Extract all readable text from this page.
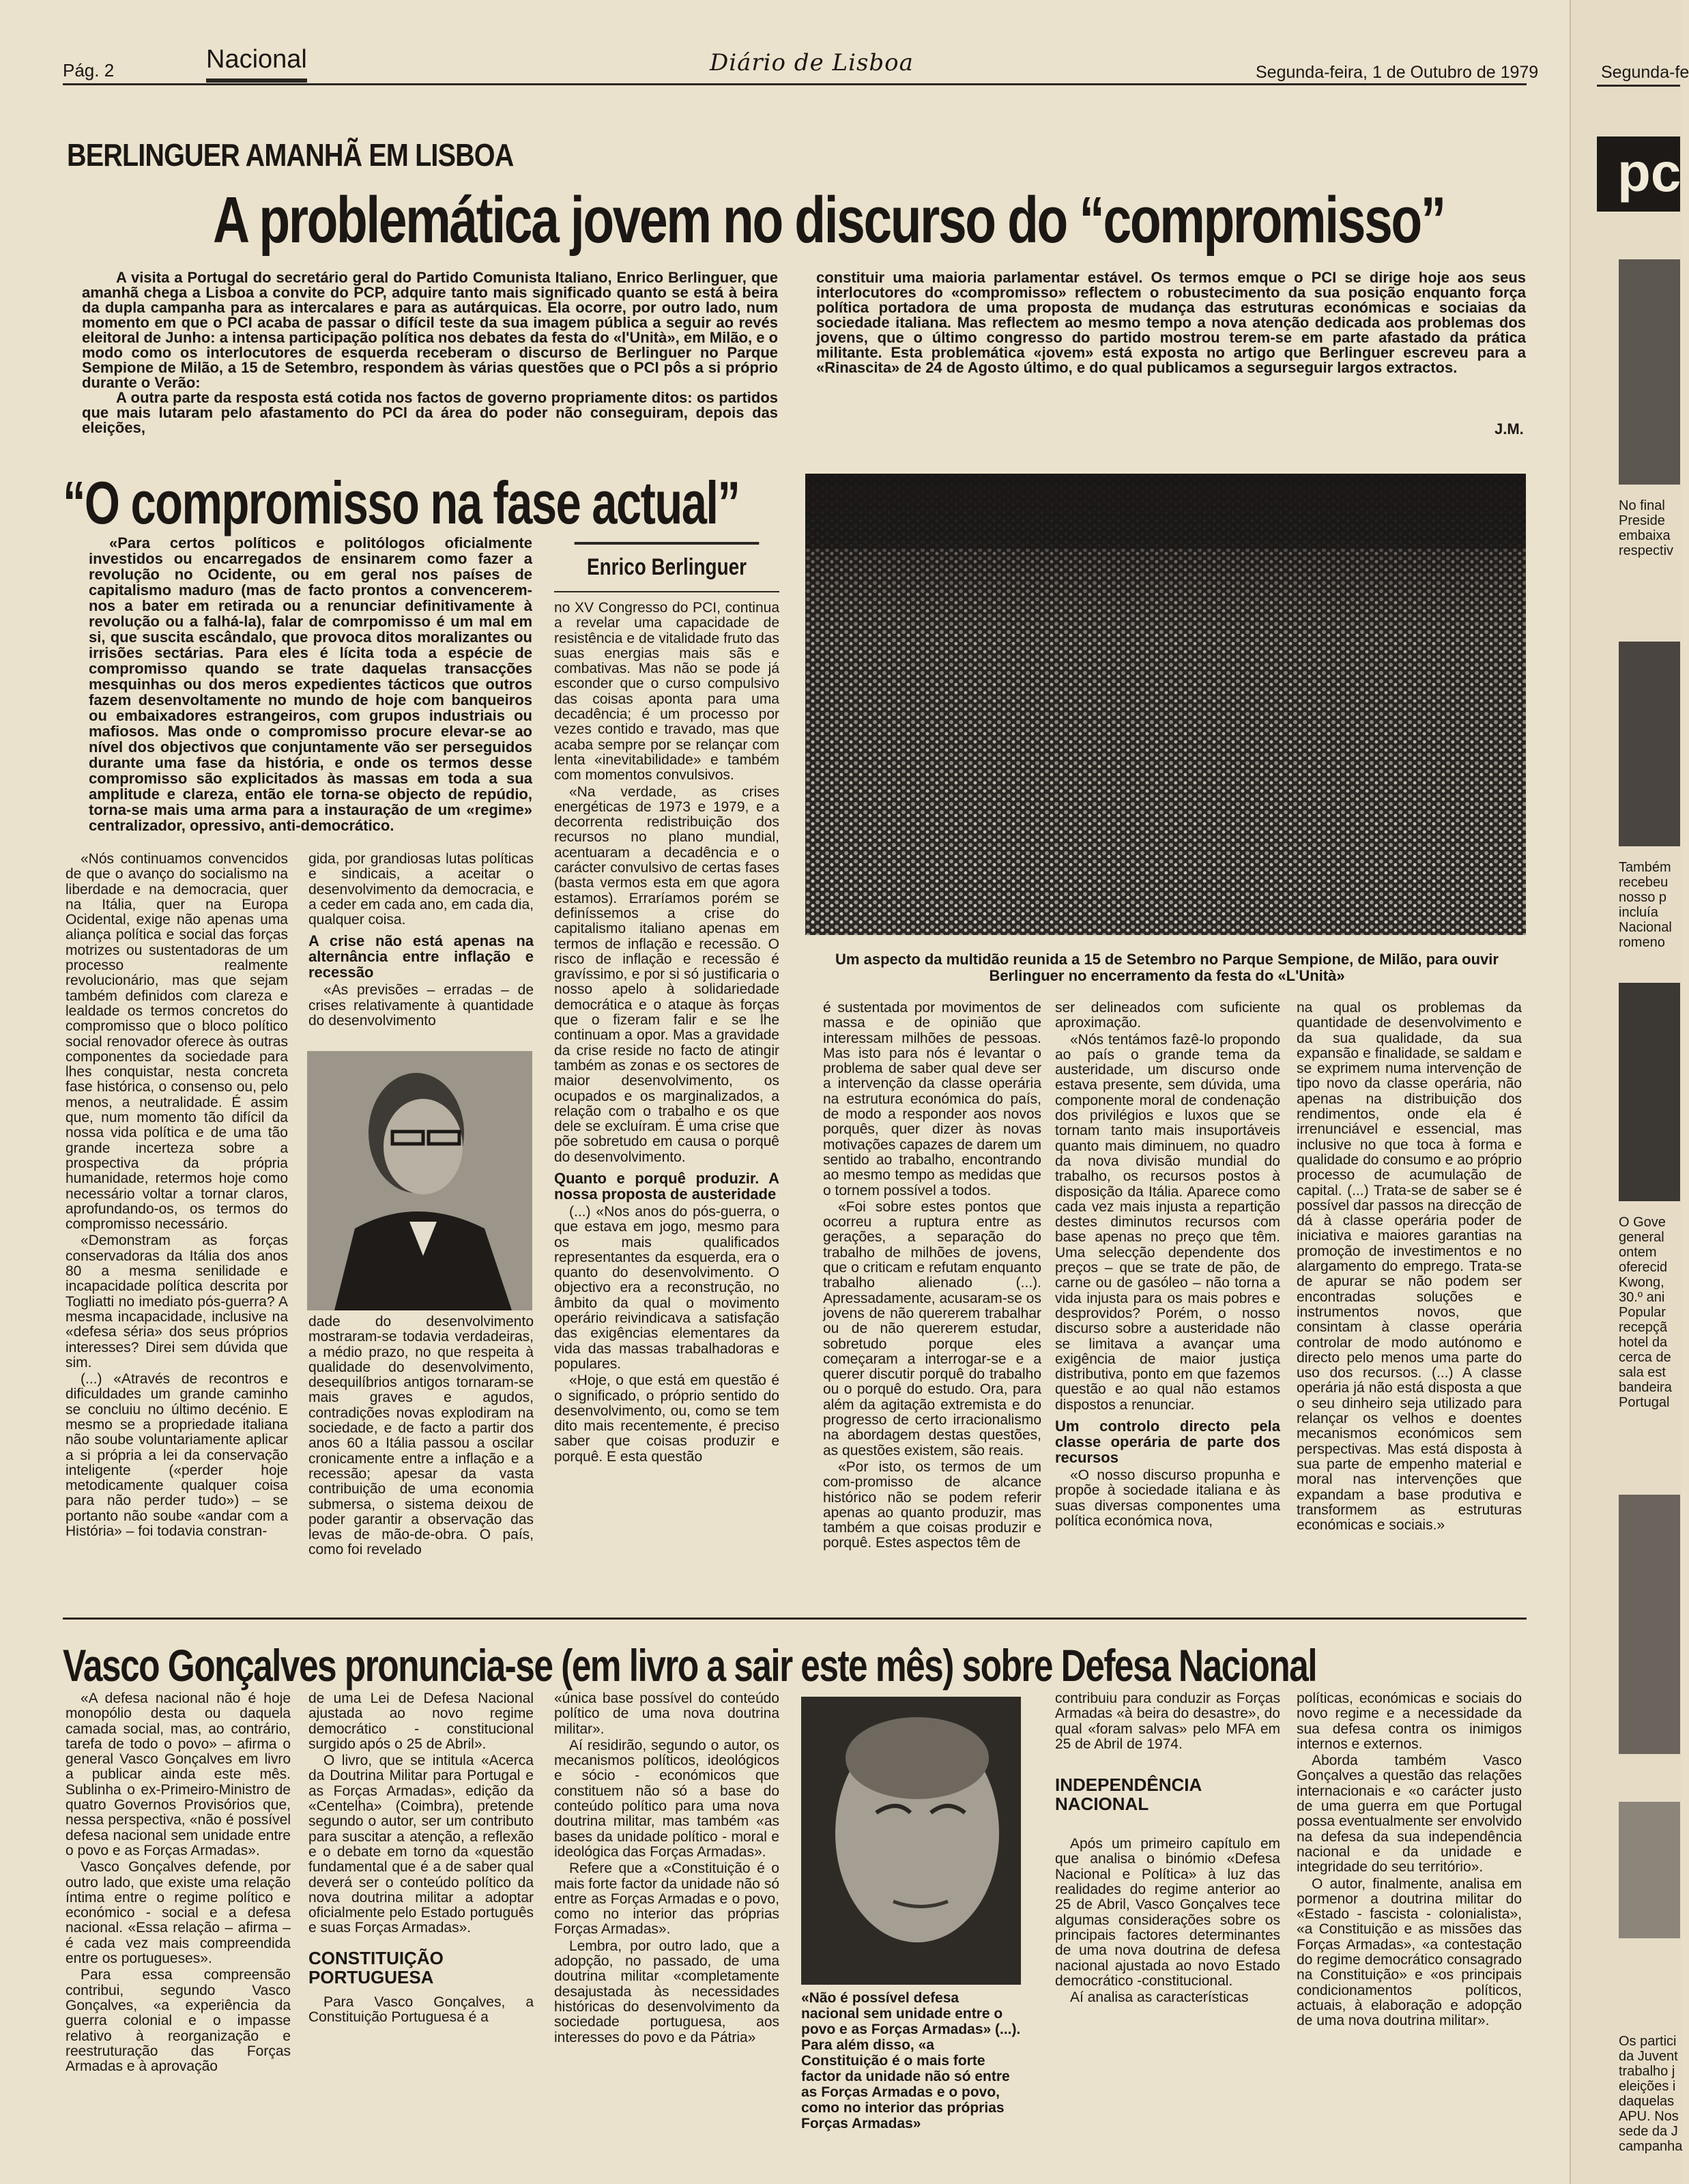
Pág. 2	Nacional	Diário de Lisboa	Segunda-feira, 1 de Outubro de 1979	Segunda-fe
pc
No final Preside embaixa respectiv
Também recebeu nosso p incluía Nacional romeno
O Gove general ontem oferecid Kwong, 30.º ani Popular recepçã hotel da cerca de sala est bandeira Portugal
Os partici da Juvent trabalho j eleições i daquelas APU. Nos sede da J campanha
BERLINGUER AMANHÃ EM LISBOA
A problemática jovem no discurso do “compromisso”
A visita a Portugal do secretário geral do Partido Comunista Italiano, Enrico Berlinguer, que amanhã chega a Lisboa a convite do PCP, adquire tanto mais significado quanto se está à beira da dupla campanha para as intercalares e para as autárquicas. Ela ocorre, por outro lado, num momento em que o PCI acaba de passar o difícil teste da sua imagem pública a seguir ao revés eleitoral de Junho: a intensa participação política nos debates da festa do «l'Unità», em Milão, e o modo como os interlocutores de esquerda receberam o discurso de Berlinguer no Parque Sempione de Milão, a 15 de Setembro, respondem às várias questões que o PCI pôs a si próprio durante o Verão:
A outra parte da resposta está cotida nos factos de governo propriamente ditos: os partidos que mais lutaram pelo afastamento do PCI da área do poder não conseguiram, depois das eleições,
constituir uma maioria parlamentar estável. Os termos emque o PCI se dirige hoje aos seus interlocutores do «compromisso» reflectem o robustecimento da sua posição enquanto força política portadora de uma proposta de mudança das estruturas económicas e sociaias da sociedade italiana. Mas reflectem ao mesmo tempo a nova atenção dedicada aos problemas dos jovens, que o último congresso do partido mostrou terem-se em parte afastado da prática militante. Esta problemática «jovem» está exposta no artigo que Berlinguer escreveu para a «Rinascita» de 24 de Agosto último, e do qual publicamos a segurseguir largos extractos.
J.M.
“O compromisso na fase actual”
Enrico Berlinguer
«Para certos políticos e politólogos oficialmente investidos ou encarregados de ensinarem como fazer a revolução no Ocidente, ou em geral nos países de capitalismo maduro (mas de facto prontos a convencerem-nos a bater em retirada ou a renunciar definitivamente à revolução ou a falhá-la), falar de comrpomisso é um mal em si, que suscita escândalo, que provoca ditos moralizantes ou irrisões sectárias. Para eles é lícita toda a espécie de compromisso quando se trate daquelas transacções mesquinhas ou dos meros expedientes tácticos que outros fazem desenvoltamente no mundo de hoje com banqueiros ou embaixadores estrangeiros, com grupos industriais ou mafiosos. Mas onde o compromisso procure elevar-se ao nível dos objectivos que conjuntamente vão ser perseguidos durante uma fase da história, e onde os termos desse compromisso são explicitados às massas em toda a sua amplitude e clareza, então ele torna-se objecto de repúdio, torna-se mais uma arma para a instauração de um «regime» centralizador, opressivo, anti-democrático.

«Nós continuamos convencidos de que o avanço do socialismo na liberdade e na democracia, quer na Itália, quer na Europa Ocidental, exige não apenas uma aliança política e social das forças motrizes ou sustentadoras de um processo realmente revolucionário, mas que sejam também definidos com clareza e lealdade os termos concretos do compromisso que o bloco político social renovador oferece às outras componentes da sociedade para lhes conquistar, nesta concreta fase histórica, o consenso ou, pelo menos, a neutralidade. É assim que, num momento tão difícil da nossa vida política e de uma tão grande incerteza sobre a prospectiva da própria humanidade, retermos hoje como necessário voltar a tornar claros, aprofundando-os, os termos do compromisso necessário.

«Demonstram as forças conservadoras da Itália dos anos 80 a mesma senilidade e incapacidade política descrita por Togliatti no imediato pós-guerra? A mesma incapacidade, inclusive na «defesa séria» dos seus próprios interesses? Direi sem dúvida que sim.

(...) «Através de recontros e dificuldades um grande caminho se concluiu no último decénio. E mesmo se a propriedade italiana não soube voluntariamente aplicar a si própria a lei da conservação inteligente («perder hoje metodicamente qualquer coisa para não perder tudo») – se portanto não soube «andar com a História» – foi todavia constran-

gida, por grandiosas lutas políticas e sindicais, a aceitar o desenvolvimento da democracia, e a ceder em cada ano, em cada dia, qualquer coisa.

A crise não está apenas na alternância entre inflação e recessão

«As previsões – erradas – de crises relativamente à quantidade do desenvolvimento

dade do desenvolvimento mostraram-se todavia verdadeiras, a médio prazo, no que respeita à qualidade do desenvolvimento, desequilíbrios antigos tornaram-se mais graves e agudos, contradições novas explodiram na sociedade, e de facto a partir dos anos 60 a Itália passou a oscilar cronicamente entre a inflação e a recessão; apesar da vasta contribuição de uma economia submersa, o sistema deixou de poder garantir a observação das levas de mão-de-obra. O país, como foi revelado

no XV Congresso do PCI, continua a revelar uma capacidade de resistência e de vitalidade fruto das suas energias mais sãs e combativas. Mas não se pode já esconder que o curso compulsivo das coisas aponta para uma decadência; é um processo por vezes contido e travado, mas que acaba sempre por se relançar com lenta «inevitabilidade» e também com momentos convulsivos.

«Na verdade, as crises energéticas de 1973 e 1979, e a decorrenta redistribuição dos recursos no plano mundial, acentuaram a decadência e o carácter convulsivo de certas fases (basta vermos esta em que agora estamos). Erraríamos porém se definíssemos a crise do capitalismo italiano apenas em termos de inflação e recessão. O risco de inflação e recessão é gravíssimo, e por si só justificaria o nosso apelo à solidariedade democrática e o ataque às forças que o fizeram falir e se lhe continuam a opor. Mas a gravidade da crise reside no facto de atingir também as zonas e os sectores de maior desenvolvimento, os ocupados e os marginalizados, a relação com o trabalho e os que dele se excluíram. É uma crise que põe sobretudo em causa o porquê do desenvolvimento.

Quanto e porquê produzir. A nossa proposta de austeridade

(...) «Nos anos do pós-guerra, o que estava em jogo, mesmo para os mais qualificados representantes da esquerda, era o quanto do desenvolvimento. O objectivo era a reconstrução, no âmbito da qual o movimento operário reivindicava a satisfação das exigências elementares da vida das massas trabalhadoras e populares.

«Hoje, o que está em questão é o significado, o próprio sentido do desenvolvimento, ou, como se tem dito mais recentemente, é preciso saber que coisas produzir e porquê. E esta questão

Um aspecto da multidão reunida a 15 de Setembro no Parque Sempione, de Milão, para ouvir Berlinguer no encerramento da festa do «L'Unità»

é sustentada por movimentos de massa e de opinião que interessam milhões de pessoas. Mas isto para nós é levantar o problema de saber qual deve ser a intervenção da classe operária na estrutura económica do país, de modo a responder aos novos porquês, quer dizer às novas motivações capazes de darem um sentido ao trabalho, encontrando ao mesmo tempo as medidas que o tornem possível a todos.

«Foi sobre estes pontos que ocorreu a ruptura entre as gerações, a separação do trabalho de milhões de jovens, que o criticam e refutam enquanto trabalho alienado (...). Apressadamente, acusaram-se os jovens de não quererem trabalhar ou de não quererem estudar, sobretudo porque eles começaram a interrogar-se e a querer discutir porquê do trabalho ou o porquê do estudo. Ora, para além da agitação extremista e do progresso de certo irracionalismo na abordagem destas questões, as questões existem, são reais.

«Por isto, os termos de um com-promisso de alcance histórico não se podem referir apenas ao quanto produzir, mas também a que coisas produzir e porquê. Estes aspectos têm de

ser delineados com suficiente aproximação.

«Nós tentámos fazê-lo propondo ao país o grande tema da austeridade, um discurso onde estava presente, sem dúvida, uma componente moral de condenação dos privilégios e luxos que se tornam tanto mais insuportáveis quanto mais diminuem, no quadro da nova divisão mundial do trabalho, os recursos postos à disposição da Itália. Aparece como cada vez mais injusta a repartição destes diminutos recursos com base apenas no preço que têm. Uma selecção dependente dos preços – que se trate de pão, de carne ou de gasóleo – não torna a vida injusta para os mais pobres e desprovidos? Porém, o nosso discurso sobre a austeridade não se limitava a avançar uma exigência de maior justiça distributiva, ponto em que fazemos questão e ao qual não estamos dispostos a renunciar.

Um controlo directo pela classe operária de parte dos recursos

«O nosso discurso propunha e propõe à sociedade italiana e às suas diversas componentes uma política económica nova,

na qual os problemas da quantidade de desenvolvimento e da sua qualidade, da sua expansão e finalidade, se saldam e se exprimem numa intervenção de tipo novo da classe operária, não apenas na distribuição dos rendimentos, onde ela é irrenunciável e essencial, mas inclusive no que toca à forma e qualidade do consumo e ao próprio processo de acumulação de capital. (...) Trata-se de saber se é possível dar passos na direcção de dá à classe operária poder de iniciativa e maiores garantias na promoção de investimentos e no alargamento do emprego. Trata-se de apurar se não podem ser encontradas soluções e instrumentos novos, que consintam à classe operária controlar de modo autónomo e directo pelo menos uma parte do uso dos recursos. (...) A classe operária já não está disposta a que o seu dinheiro seja utilizado para relançar os velhos e doentes mecanismos económicos sem perspectivas. Mas está disposta à sua parte de empenho material e moral nas intervenções que expandam a base produtiva e transformem as estruturas económicas e sociais.»
Vasco Gonçalves pronuncia-se (em livro a sair este mês) sobre Defesa Nacional

«A defesa nacional não é hoje monopólio desta ou daquela camada social, mas, ao contrário, tarefa de todo o povo» – afirma o general Vasco Gonçalves em livro a publicar ainda este mês. Sublinha o ex-Primeiro-Ministro de quatro Governos Provisórios que, nessa perspectiva, «não é possível defesa nacional sem unidade entre o povo e as Forças Armadas».

Vasco Gonçalves defende, por outro lado, que existe uma relação íntima entre o regime político e económico - social e a defesa nacional. «Essa relação – afirma – é cada vez mais compreendida entre os portugueses».

Para essa compreensão contribui, segundo Vasco Gonçalves, «a experiência da guerra colonial e o impasse relativo à reorganização e reestruturação das Forças Armadas e à aprovação

de uma Lei de Defesa Nacional ajustada ao novo regime democrático - constitucional surgido após o 25 de Abril».

O livro, que se intitula «Acerca da Doutrina Militar para Portugal e as Forças Armadas», edição da «Centelha» (Coimbra), pretende segundo o autor, ser um contributo para suscitar a atenção, a reflexão e o debate em torno da «questão fundamental que é a de saber qual deverá ser o conteúdo político da nova doutrina militar a adoptar oficialmente pelo Estado português e suas Forças Armadas».

CONSTITUIÇÃO PORTUGUESA

Para Vasco Gonçalves, a Constituição Portuguesa é a

«única base possível do conteúdo político de uma nova doutrina militar».

Aí residirão, segundo o autor, os mecanismos políticos, ideológicos e sócio - económicos que constituem não só a base do conteúdo político para uma nova doutrina militar, mas também «as bases da unidade político - moral e ideológica das Forças Armadas».

Refere que a «Constituição é o mais forte factor da unidade não só entre as Forças Armadas e o povo, como no interior das próprias Forças Armadas».

Lembra, por outro lado, que a adopção, no passado, de uma doutrina militar «completamente desajustada às necessidades históricas do desenvolvimento da sociedade portuguesa, aos interesses do povo e da Pátria»

«Não é possível defesa nacional sem unidade entre o povo e as Forças Armadas» (...). Para além disso, «a Constituição é o mais forte factor da unidade não só entre as Forças Armadas e o povo, como no interior das próprias Forças Armadas»

contribuiu para conduzir as Forças Armadas «à beira do desastre», do qual «foram salvas» pelo MFA em 25 de Abril de 1974.

INDEPENDÊNCIA NACIONAL

Após um primeiro capítulo em que analisa o binómio «Defesa Nacional e Política» à luz das realidades do regime anterior ao 25 de Abril, Vasco Gonçalves tece algumas considerações sobre os principais factores determinantes de uma nova doutrina de defesa nacional ajustada ao novo Estado democrático -constitucional.

Aí analisa as características

políticas, económicas e sociais do novo regime e a necessidade da sua defesa contra os inimigos internos e externos.

Aborda também Vasco Gonçalves a questão das relações internacionais e «o carácter justo de uma guerra em que Portugal possa eventualmente ser envolvido na defesa da sua independência nacional e da unidade e integridade do seu território».

O autor, finalmente, analisa em pormenor a doutrina militar do «Estado - fascista - colonialista», «a Constituição e as missões das Forças Armadas», «a contestação do regime democrático consagrado na Constituição» e «os principais condicionamentos políticos, actuais, à elaboração e adopção de uma nova doutrina militar».
